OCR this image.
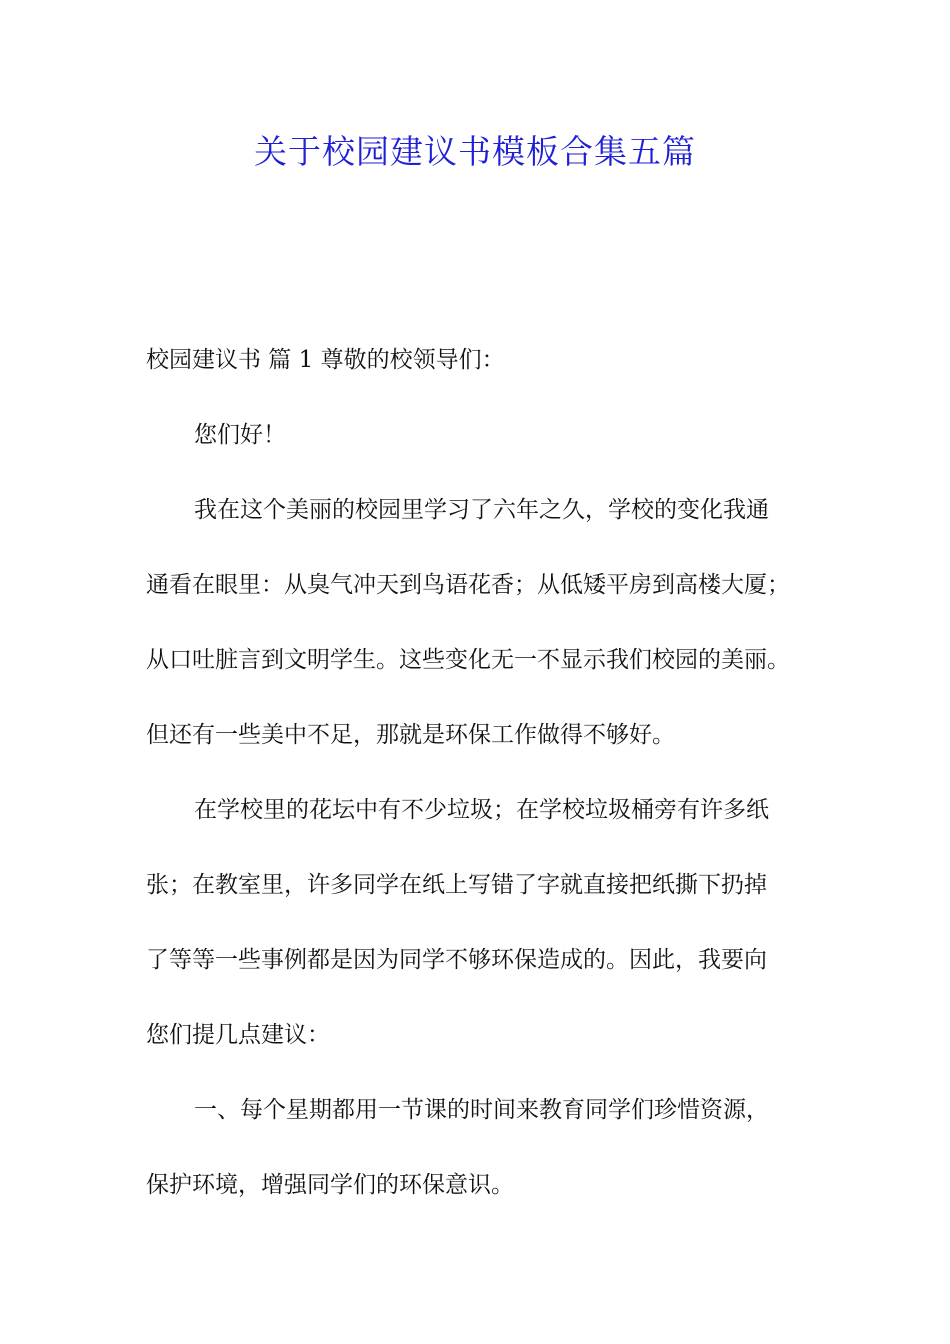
关于校园建议书模板合集五篇
校园建议书 篇 1 尊敬的校领导们：
您们好！
我在这个美丽的校园里学习了六年之久，学校的变化我通
通看在眼里：从臭气冲天到鸟语花香；从低矮平房到高楼大厦；
从口吐脏言到文明学生。这些变化无一不显示我们校园的美丽。
但还有一些美中不足，那就是环保工作做得不够好。
在学校里的花坛中有不少垃圾；在学校垃圾桶旁有许多纸
张；在教室里，许多同学在纸上写错了字就直接把纸撕下扔掉
了等等一些事例都是因为同学不够环保造成的。因此，我要向
您们提几点建议：
一、每个星期都用一节课的时间来教育同学们珍惜资源，
保护环境，增强同学们的环保意识。
